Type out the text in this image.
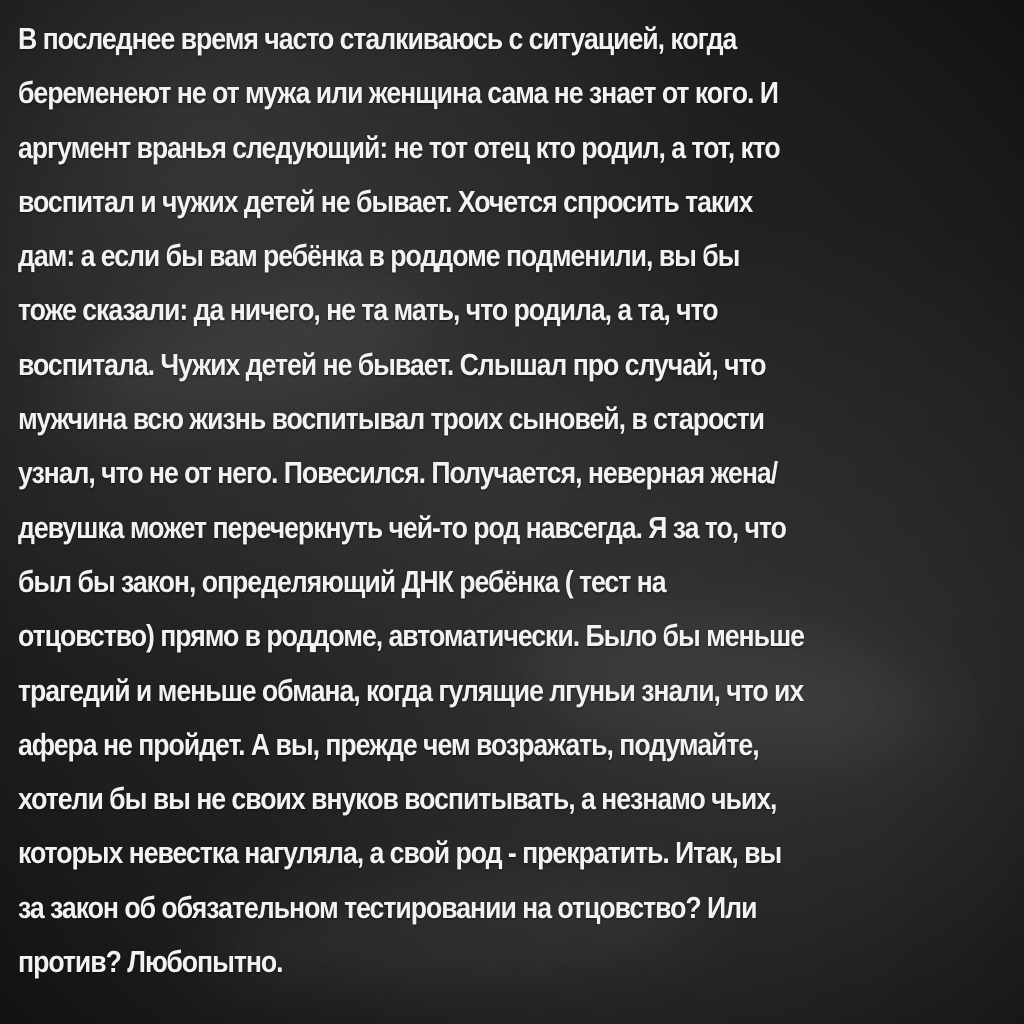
В последнее время часто сталкиваюсь с ситуацией, когда
беременеют не от мужа или женщина сама не знает от кого. И
аргумент вранья следующий: не тот отец кто родил, а тот, кто
воспитал и чужих детей не бывает. Хочется спросить таких
дам: а если бы вам ребёнка в роддоме подменили, вы бы
тоже сказали: да ничего, не та мать, что родила, а та, что
воспитала. Чужих детей не бывает. Слышал про случай, что
мужчина всю жизнь воспитывал троих сыновей, в старости
узнал, что не от него. Повесился. Получается, неверная жена/
девушка может перечеркнуть чей-то род навсегда. Я за то, что
был бы закон, определяющий ДНК ребёнка ( тест на
отцовство) прямо в роддоме, автоматически. Было бы меньше
трагедий и меньше обмана, когда гулящие лгуньи знали, что их
афера не пройдет. А вы, прежде чем возражать, подумайте,
хотели бы вы не своих внуков воспитывать, а незнамо чьих,
которых невестка нагуляла, а свой род - прекратить. Итак, вы
за закон об обязательном тестировании на отцовство? Или
против? Любопытно.
